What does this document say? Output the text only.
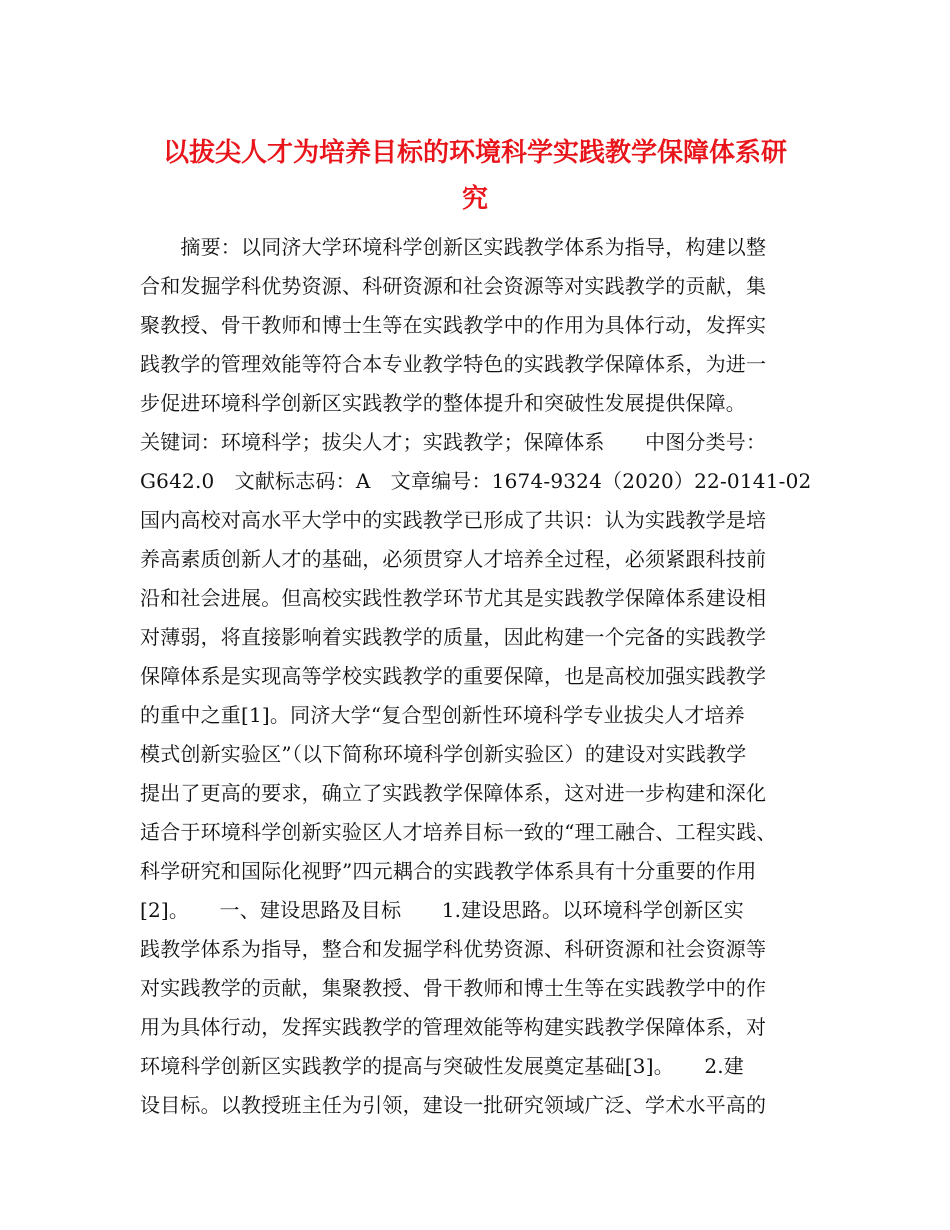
以拔尖人才为培养目标的环境科学实践教学保障体系研
究
　　摘要：以同济大学环境科学创新区实践教学体系为指导，构建以整
合和发掘学科优势资源、科研资源和社会资源等对实践教学的贡献，集
聚教授、骨干教师和博士生等在实践教学中的作用为具体行动，发挥实
践教学的管理效能等符合本专业教学特色的实践教学保障体系，为进一
步促进环境科学创新区实践教学的整体提升和突破性发展提供保障。
关键词：环境科学；拔尖人才；实践教学；保障体系　　中图分类号：
G642.0　文献标志码：A　文章编号：1674-9324（2020）22-0141-02
国内高校对高水平大学中的实践教学已形成了共识：认为实践教学是培
养高素质创新人才的基础，必须贯穿人才培养全过程，必须紧跟科技前
沿和社会进展。但高校实践性教学环节尤其是实践教学保障体系建设相
对薄弱，将直接影响着实践教学的质量，因此构建一个完备的实践教学
保障体系是实现高等学校实践教学的重要保障，也是高校加强实践教学
的重中之重[1]。同济大学“复合型创新性环境科学专业拔尖人才培养
模式创新实验区”（以下简称环境科学创新实验区）的建设对实践教学
提出了更高的要求，确立了实践教学保障体系，这对进一步构建和深化
适合于环境科学创新实验区人才培养目标一致的“理工融合、工程实践、
科学研究和国际化视野”四元耦合的实践教学体系具有十分重要的作用
[2]。　　一、建设思路及目标　　1.建设思路。以环境科学创新区实
践教学体系为指导，整合和发掘学科优势资源、科研资源和社会资源等
对实践教学的贡献，集聚教授、骨干教师和博士生等在实践教学中的作
用为具体行动，发挥实践教学的管理效能等构建实践教学保障体系，对
环境科学创新区实践教学的提高与突破性发展奠定基础[3]。　　2.建
设目标。以教授班主任为引领，建设一批研究领域广泛、学术水平高的
